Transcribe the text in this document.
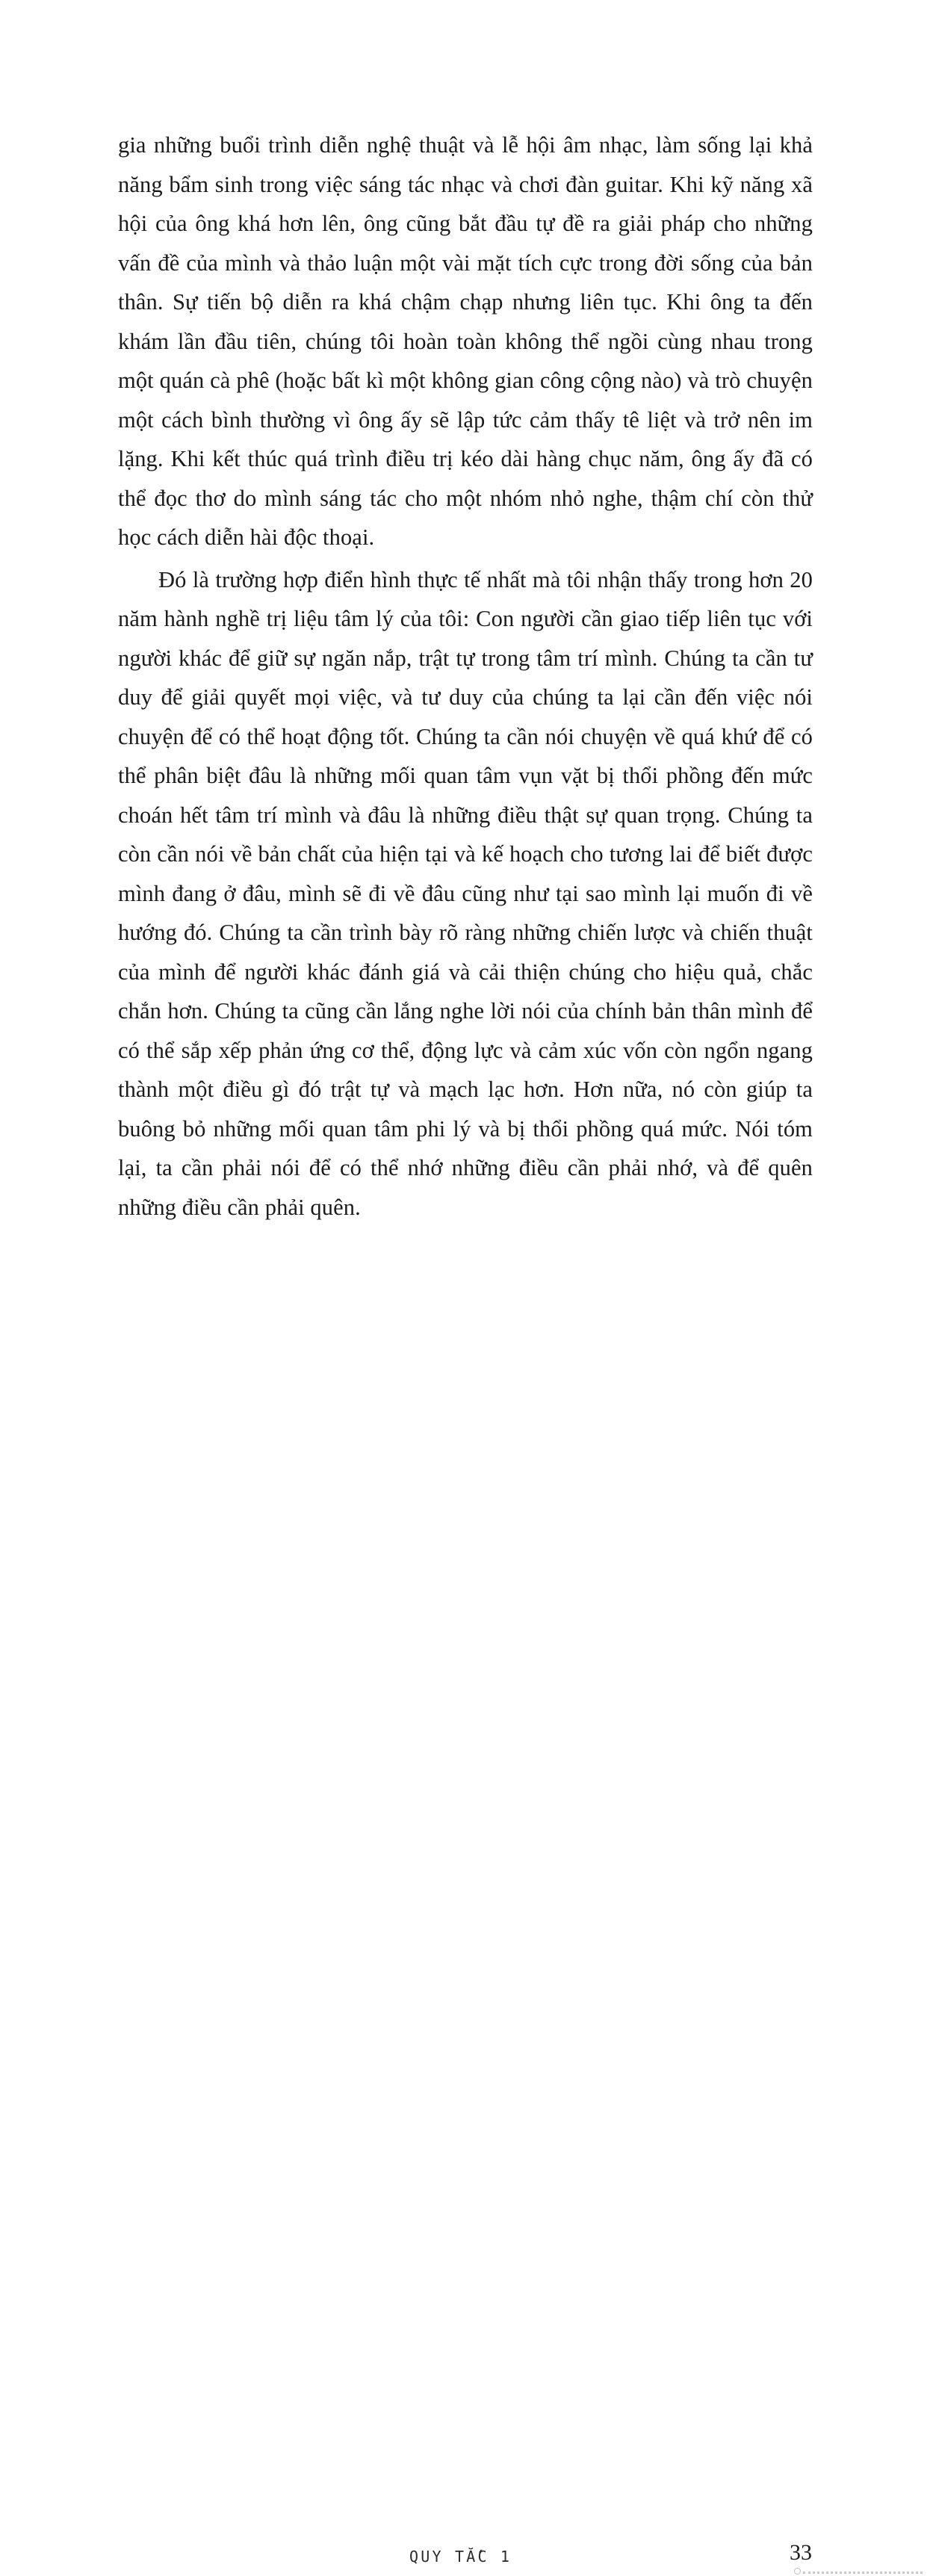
gia những buổi trình diễn nghệ thuật và lễ hội âm nhạc, làm sống lại khả năng bẩm sinh trong việc sáng tác nhạc và chơi đàn guitar. Khi kỹ năng xã hội của ông khá hơn lên, ông cũng bắt đầu tự đề ra giải pháp cho những vấn đề của mình và thảo luận một vài mặt tích cực trong đời sống của bản thân. Sự tiến bộ diễn ra khá chậm chạp nhưng liên tục. Khi ông ta đến khám lần đầu tiên, chúng tôi hoàn toàn không thể ngồi cùng nhau trong một quán cà phê (hoặc bất kì một không gian công cộng nào) và trò chuyện một cách bình thường vì ông ấy sẽ lập tức cảm thấy tê liệt và trở nên im lặng. Khi kết thúc quá trình điều trị kéo dài hàng chục năm, ông ấy đã có thể đọc thơ do mình sáng tác cho một nhóm nhỏ nghe, thậm chí còn thử học cách diễn hài độc thoại.

Đó là trường hợp điển hình thực tế nhất mà tôi nhận thấy trong hơn 20 năm hành nghề trị liệu tâm lý của tôi: Con người cần giao tiếp liên tục với người khác để giữ sự ngăn nắp, trật tự trong tâm trí mình. Chúng ta cần tư duy để giải quyết mọi việc, và tư duy của chúng ta lại cần đến việc nói chuyện để có thể hoạt động tốt. Chúng ta cần nói chuyện về quá khứ để có thể phân biệt đâu là những mối quan tâm vụn vặt bị thổi phồng đến mức choán hết tâm trí mình và đâu là những điều thật sự quan trọng. Chúng ta còn cần nói về bản chất của hiện tại và kế hoạch cho tương lai để biết được mình đang ở đâu, mình sẽ đi về đâu cũng như tại sao mình lại muốn đi về hướng đó. Chúng ta cần trình bày rõ ràng những chiến lược và chiến thuật của mình để người khác đánh giá và cải thiện chúng cho hiệu quả, chắc chắn hơn. Chúng ta cũng cần lắng nghe lời nói của chính bản thân mình để có thể sắp xếp phản ứng cơ thể, động lực và cảm xúc vốn còn ngổn ngang thành một điều gì đó trật tự và mạch lạc hơn. Hơn nữa, nó còn giúp ta buông bỏ những mối quan tâm phi lý và bị thổi phồng quá mức. Nói tóm lại, ta cần phải nói để có thể nhớ những điều cần phải nhớ, và để quên những điều cần phải quên.

QUY TẮC 1	33
